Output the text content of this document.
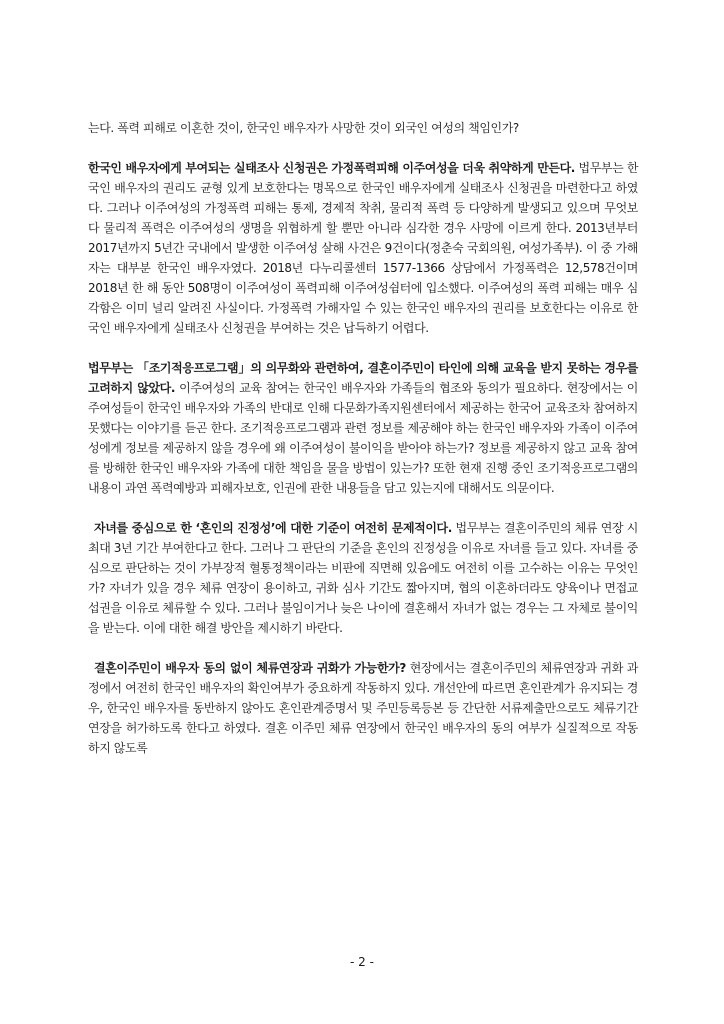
는다. 폭력 피해로 이혼한 것이, 한국인 배우자가 사망한 것이 외국인 여성의 책임인가?

한국인 배우자에게 부여되는 실태조사 신청권은 가정폭력피해 이주여성을 더욱 취약하게 만든다. 법무부는 한국인 배우자의 권리도 균형 있게 보호한다는 명목으로 한국인 배우자에게 실태조사 신청권을 마련한다고 하였다. 그러나 이주여성의 가정폭력 피해는 통제, 경제적 착취, 물리적 폭력 등 다양하게 발생되고 있으며 무엇보다 물리적 폭력은 이주여성의 생명을 위협하게 할 뿐만 아니라 심각한 경우 사망에 이르게 한다. 2013년부터 2017년까지 5년간 국내에서 발생한 이주여성 살해 사건은 9건이다(정춘숙 국회의원, 여성가족부). 이 중 가해자는 대부분 한국인 배우자였다. 2018년 다누리콜센터 1577-1366 상담에서 가정폭력은 12,578건이며 2018년 한 해 동안 508명이 이주여성이 폭력피해 이주여성쉼터에 입소했다. 이주여성의 폭력 피해는 매우 심각함은 이미 널리 알려진 사실이다. 가정폭력 가해자일 수 있는 한국인 배우자의 권리를 보호한다는 이유로 한국인 배우자에게 실태조사 신청권을 부여하는 것은 납득하기 어렵다.

법무부는 「조기적응프로그램」의 의무화와 관련하여, 결혼이주민이 타인에 의해 교육을 받지 못하는 경우를 고려하지 않았다. 이주여성의 교육 참여는 한국인 배우자와 가족들의 협조와 동의가 필요하다. 현장에서는 이주여성들이 한국인 배우자와 가족의 반대로 인해 다문화가족지원센터에서 제공하는 한국어 교육조차 참여하지 못했다는 이야기를 듣곤 한다. 조기적응프로그램과 관련 정보를 제공해야 하는 한국인 배우자와 가족이 이주여성에게 정보를 제공하지 않을 경우에 왜 이주여성이 불이익을 받아야 하는가? 정보를 제공하지 않고 교육 참여를 방해한 한국인 배우자와 가족에 대한 책임을 물을 방법이 있는가? 또한 현재 진행 중인 조기적응프로그램의 내용이 과연 폭력예방과 피해자보호, 인권에 관한 내용들을 담고 있는지에 대해서도 의문이다.

자녀를 중심으로 한 ‘혼인의 진정성’에 대한 기준이 여전히 문제적이다. 법무부는 결혼이주민의 체류 연장 시 최대 3년 기간 부여한다고 한다. 그러나 그 판단의 기준을 혼인의 진정성을 이유로 자녀를 들고 있다. 자녀를 중심으로 판단하는 것이 가부장적 혈통정책이라는 비판에 직면해 있음에도 여전히 이를 고수하는 이유는 무엇인가? 자녀가 있을 경우 체류 연장이 용이하고, 귀화 심사 기간도 짧아지며, 협의 이혼하더라도 양육이나 면접교섭권을 이유로 체류할 수 있다. 그러나 불임이거나 늦은 나이에 결혼해서 자녀가 없는 경우는 그 자체로 불이익을 받는다. 이에 대한 해결 방안을 제시하기 바란다.

결혼이주민이 배우자 동의 없이 체류연장과 귀화가 가능한가? 현장에서는 결혼이주민의 체류연장과 귀화 과정에서 여전히 한국인 배우자의 확인여부가 중요하게 작동하지 있다. 개선안에 따르면 혼인관계가 유지되는 경우, 한국인 배우자를 동반하지 않아도 혼인관계증명서 및 주민등록등본 등 간단한 서류제출만으로도 체류기간연장을 허가하도록 한다고 하였다. 결혼 이주민 체류 연장에서 한국인 배우자의 동의 여부가 실질적으로 작동하지 않도록

- 2 -
